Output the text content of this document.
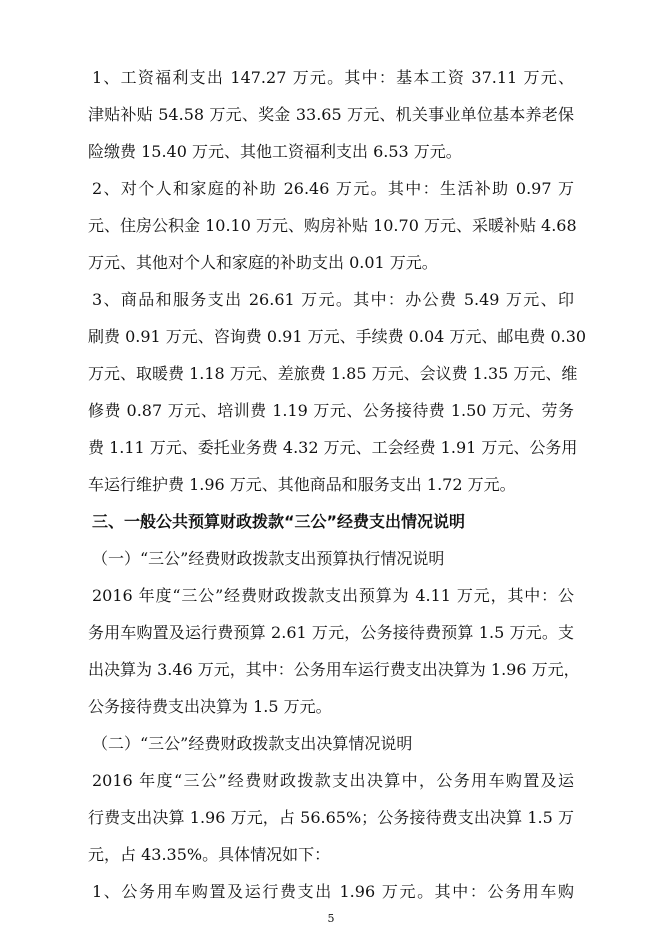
1、工资福利支出 147.27 万元。其中：基本工资 37.11 万元、
津贴补贴 54.58 万元、奖金 33.65 万元、机关事业单位基本养老保
险缴费 15.40 万元、其他工资福利支出 6.53 万元。
2、对个人和家庭的补助 26.46 万元。其中：生活补助 0.97 万
元、住房公积金 10.10 万元、购房补贴 10.70 万元、采暖补贴 4.68
万元、其他对个人和家庭的补助支出 0.01 万元。
3、商品和服务支出 26.61 万元。其中：办公费 5.49 万元、印
刷费 0.91 万元、咨询费 0.91 万元、手续费 0.04 万元、邮电费 0.30
万元、取暖费 1.18 万元、差旅费 1.85 万元、会议费 1.35 万元、维
修费 0.87 万元、培训费 1.19 万元、公务接待费 1.50 万元、劳务
费 1.11 万元、委托业务费 4.32 万元、工会经费 1.91 万元、公务用
车运行维护费 1.96 万元、其他商品和服务支出 1.72 万元。
三、一般公共预算财政拨款“三公”经费支出情况说明
（一）“三公”经费财政拨款支出预算执行情况说明
2016 年度“三公”经费财政拨款支出预算为 4.11 万元，其中：公
务用车购置及运行费预算 2.61 万元，公务接待费预算 1.5 万元。支
出决算为 3.46 万元，其中：公务用车运行费支出决算为 1.96 万元，
公务接待费支出决算为 1.5 万元。
（二）“三公”经费财政拨款支出决算情况说明
2016 年度“三公”经费财政拨款支出决算中，公务用车购置及运
行费支出决算 1.96 万元，占 56.65%；公务接待费支出决算 1.5 万
元，占 43.35%。具体情况如下：
1、公务用车购置及运行费支出 1.96 万元。其中：公务用车购
5
